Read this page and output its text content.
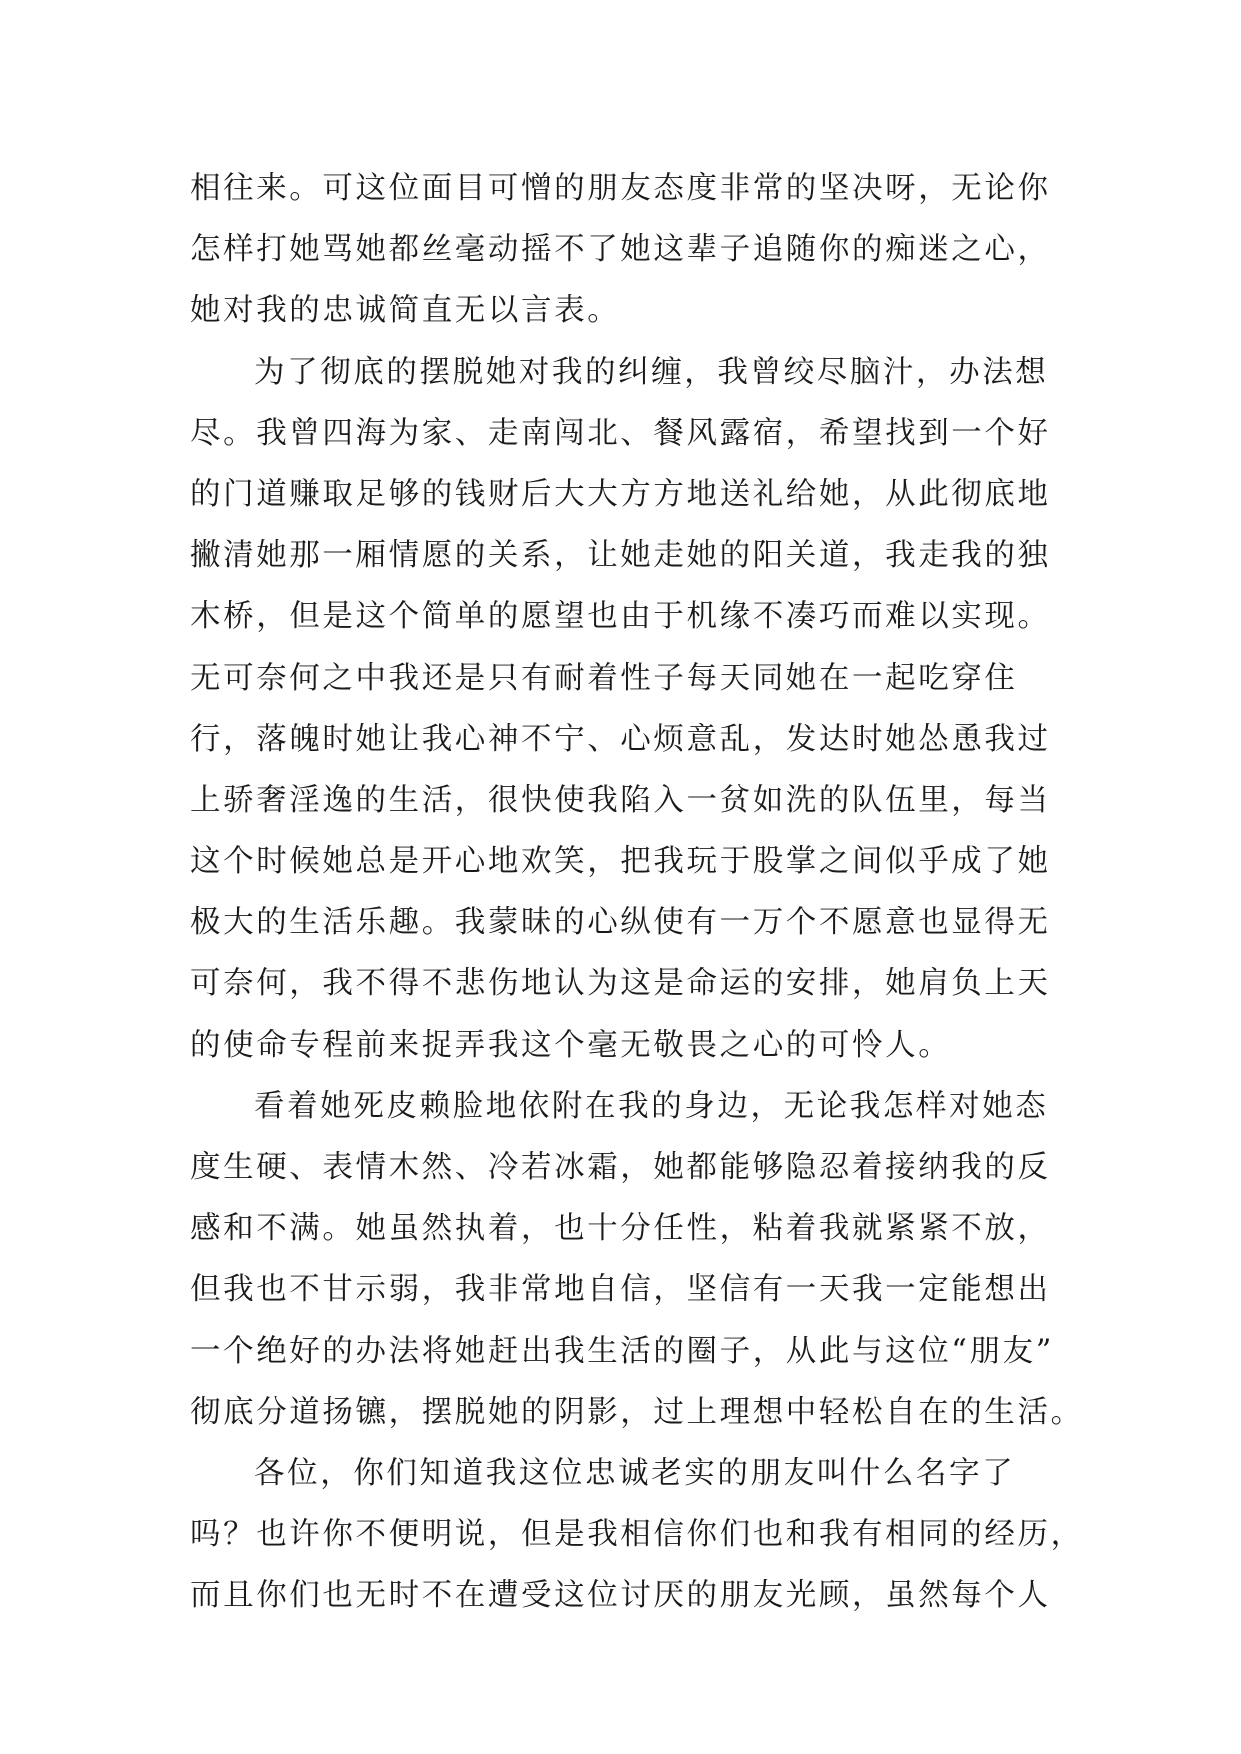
相往来。可这位面目可憎的朋友态度非常的坚决呀，无论你
怎样打她骂她都丝毫动摇不了她这辈子追随你的痴迷之心，
她对我的忠诚简直无以言表。
为了彻底的摆脱她对我的纠缠，我曾绞尽脑汁，办法想
尽。我曾四海为家、走南闯北、餐风露宿，希望找到一个好
的门道赚取足够的钱财后大大方方地送礼给她，从此彻底地
撇清她那一厢情愿的关系，让她走她的阳关道，我走我的独
木桥，但是这个简单的愿望也由于机缘不凑巧而难以实现。
无可奈何之中我还是只有耐着性子每天同她在一起吃穿住
行，落魄时她让我心神不宁、心烦意乱，发达时她怂恿我过
上骄奢淫逸的生活，很快使我陷入一贫如洗的队伍里，每当
这个时候她总是开心地欢笑，把我玩于股掌之间似乎成了她
极大的生活乐趣。我蒙昧的心纵使有一万个不愿意也显得无
可奈何，我不得不悲伤地认为这是命运的安排，她肩负上天
的使命专程前来捉弄我这个毫无敬畏之心的可怜人。
看着她死皮赖脸地依附在我的身边，无论我怎样对她态
度生硬、表情木然、冷若冰霜，她都能够隐忍着接纳我的反
感和不满。她虽然执着，也十分任性，粘着我就紧紧不放，
但我也不甘示弱，我非常地自信，坚信有一天我一定能想出
一个绝好的办法将她赶出我生活的圈子，从此与这位“朋友”
彻底分道扬镳，摆脱她的阴影，过上理想中轻松自在的生活。
各位，你们知道我这位忠诚老实的朋友叫什么名字了
吗？也许你不便明说，但是我相信你们也和我有相同的经历，
而且你们也无时不在遭受这位讨厌的朋友光顾，虽然每个人
